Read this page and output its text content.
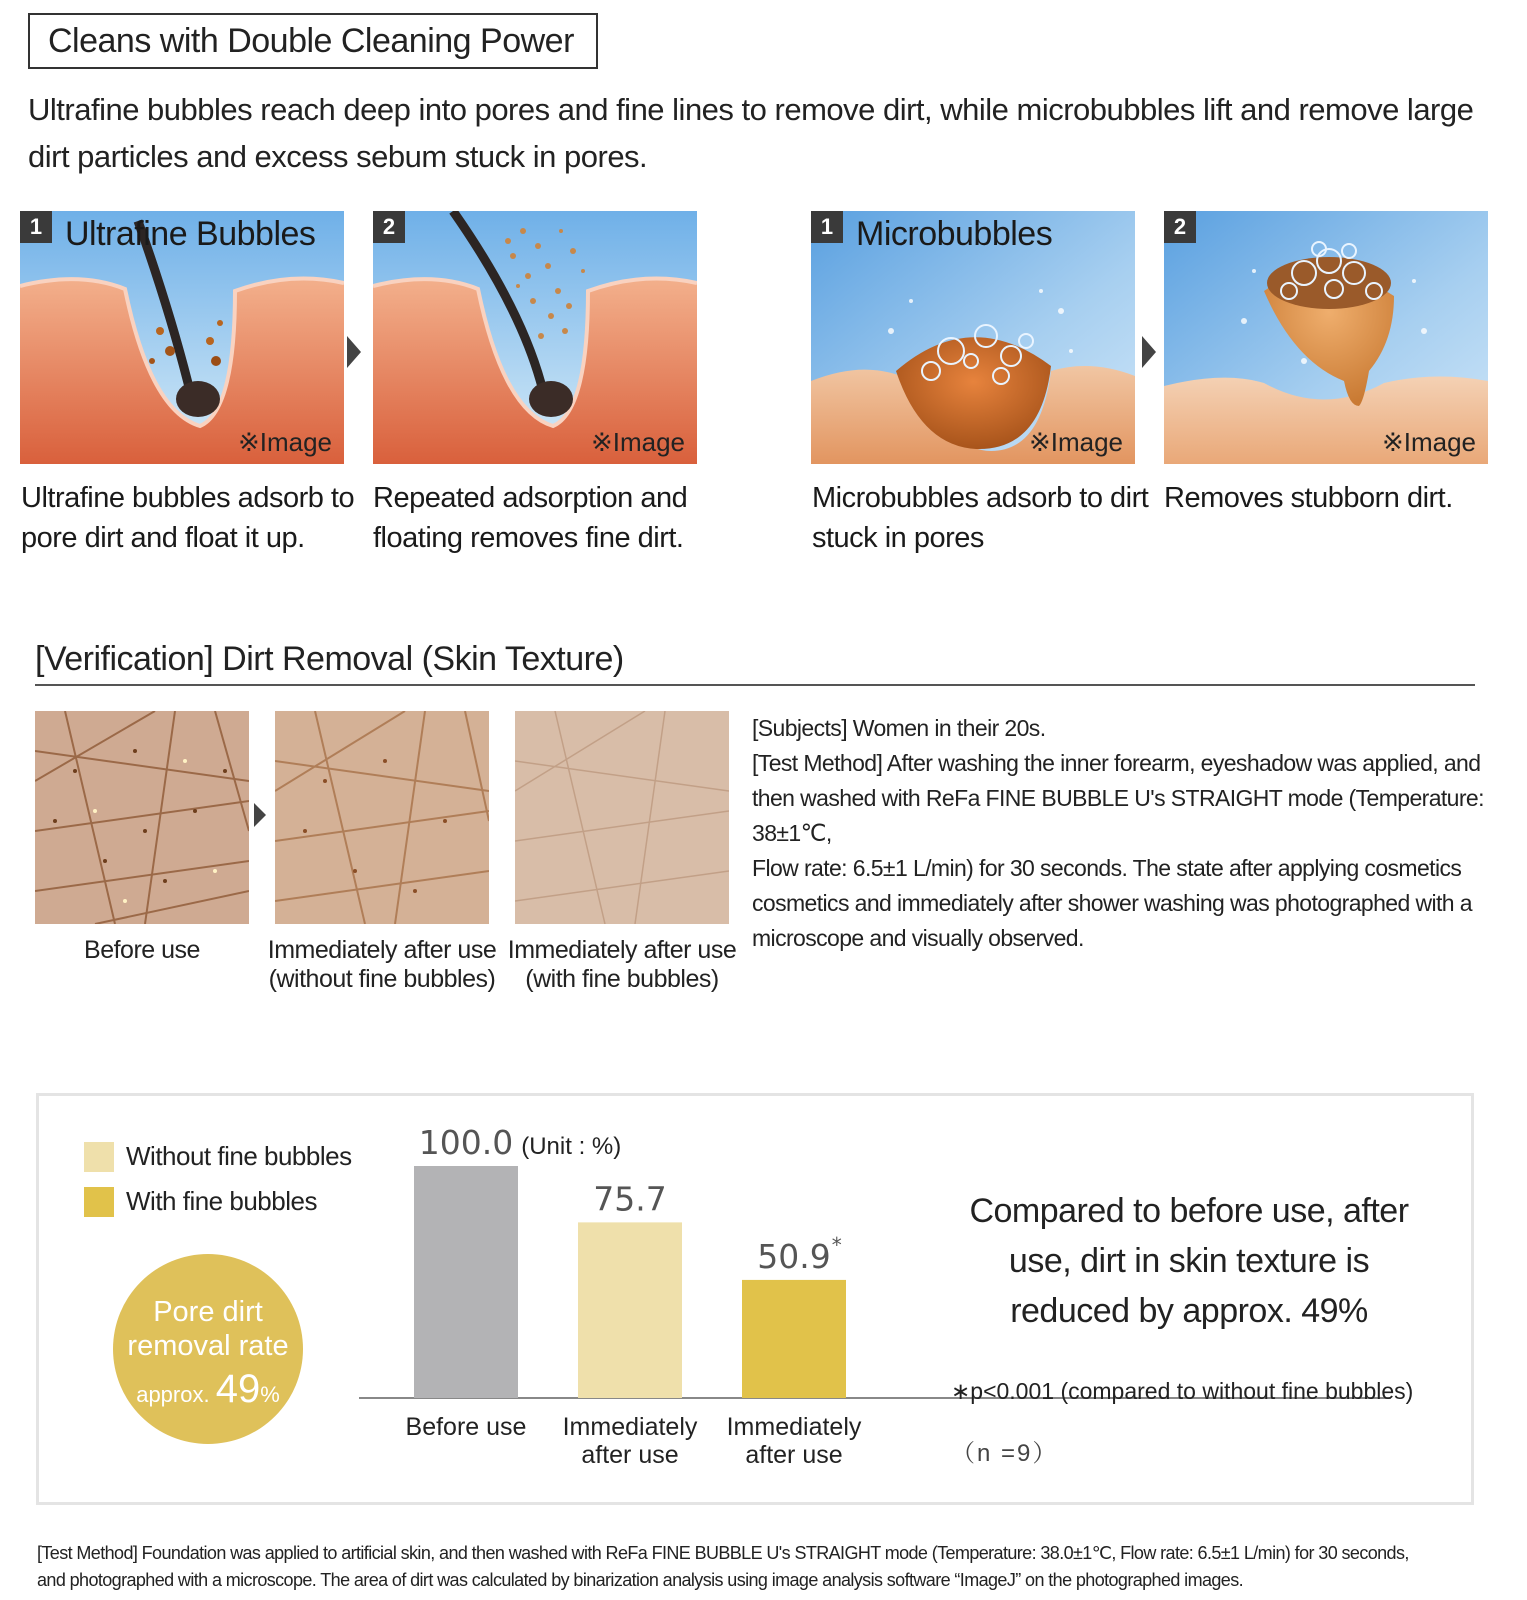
Cleans with Double Cleaning Power

Ultrafine bubbles reach deep into pores and fine lines to remove dirt, while microbubbles lift and remove large dirt particles and excess sebum stuck in pores.

1 Ultrafine Bubbles
※Image
2
※Image
1 Microbubbles
※Image
2
※Image
Ultrafine bubbles adsorb to
pore dirt and float it up.
Repeated adsorption and
floating removes fine dirt.
Microbubbles adsorb to dirt
stuck in pores
Removes stubborn dirt.
[Verification] Dirt Removal (Skin Texture)
Before use	Immediately after use
(without fine bubbles)
Immediately after use
(with fine bubbles)
[Subjects] Women in their 20s.
[Test Method] After washing the inner forearm, eyeshadow was applied, and
then washed with ReFa FINE BUBBLE U's STRAIGHT mode (Temperature: 38±1℃,
Flow rate: 6.5±1 L/min) for 30 seconds. The state after applying cosmetics
cosmetics and immediately after shower washing was photographed with a
microscope and visually observed.
Without fine bubbles
With fine bubbles
Pore dirt
removal rate
approx. 49%
100.0
Before use
75.7
Immediately
after use
50.9 *
Immediately
after use
(Unit : %)
Compared to before use, after
use, dirt in skin texture is
reduced by approx. 49%
∗p<0.001 (compared to without fine bubbles)
（n =9）
[Test Method] Foundation was applied to artificial skin, and then washed with ReFa FINE BUBBLE U's STRAIGHT mode (Temperature: 38.0±1℃, Flow rate: 6.5±1 L/min) for 30 seconds,
and photographed with a microscope. The area of dirt was calculated by binarization analysis using image analysis software “ImageJ” on the photographed images.
